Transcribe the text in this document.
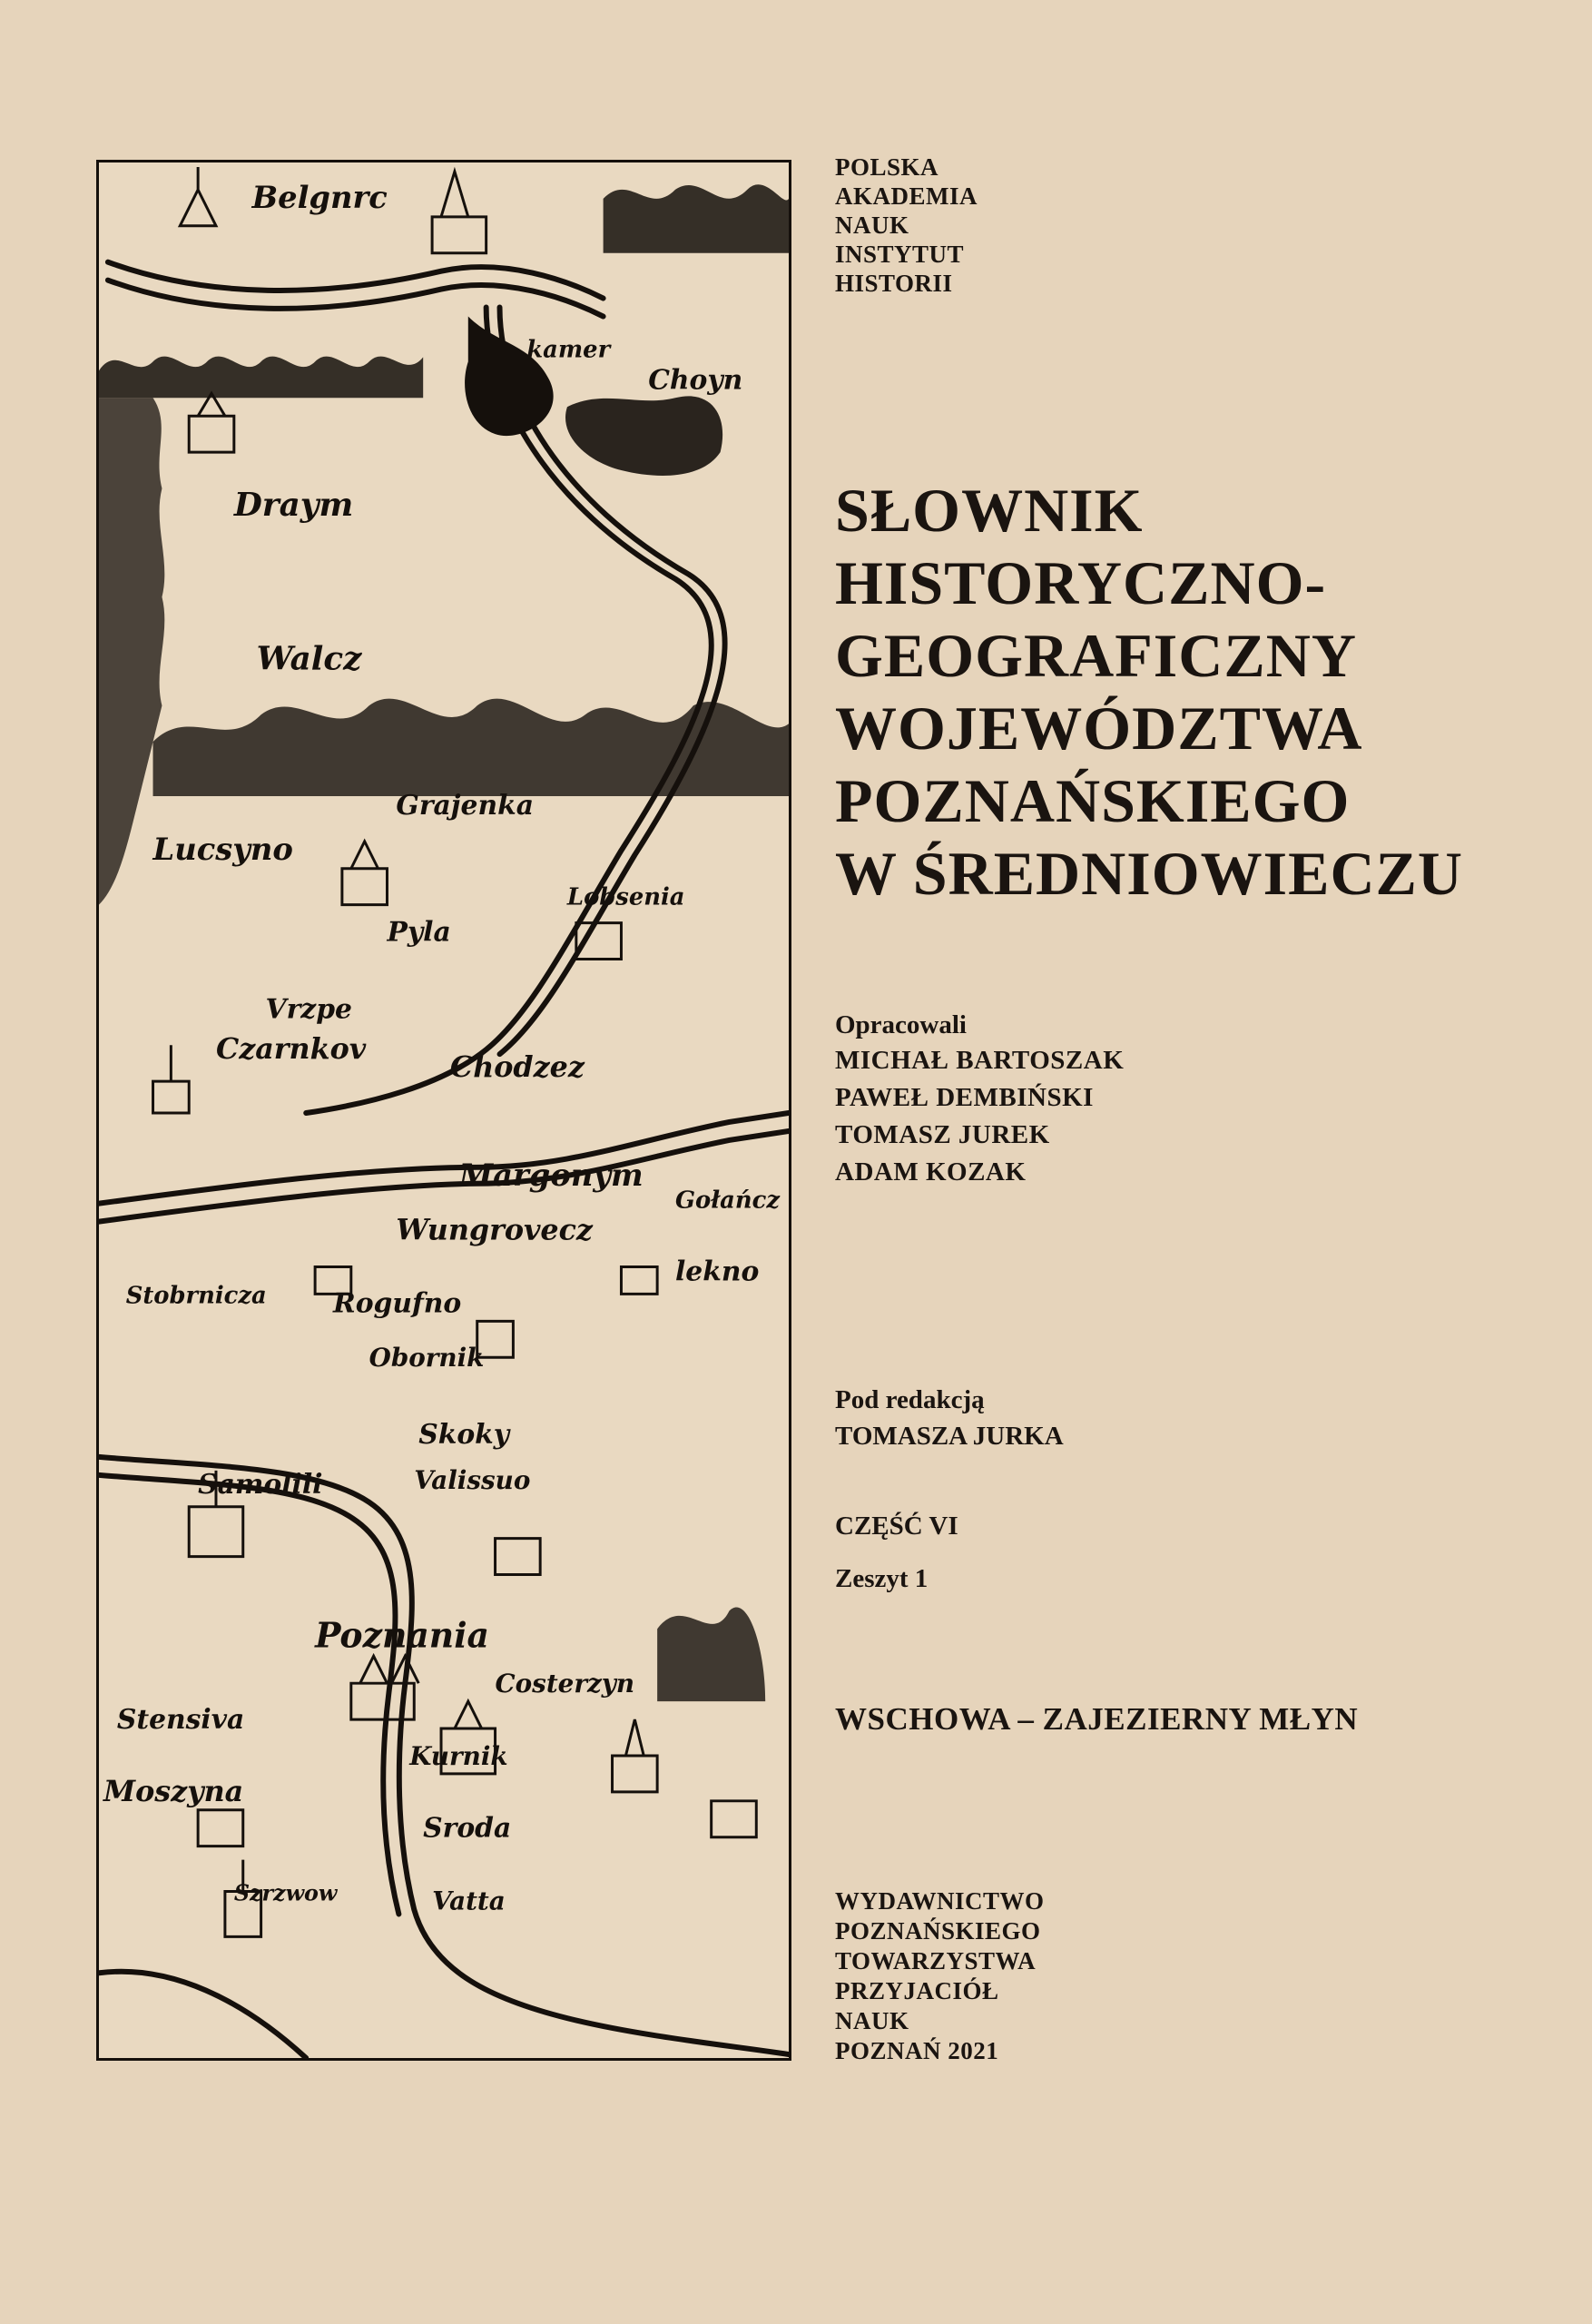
Belgnrc
kamer
Choyn
Draym
Walcz
Lucsyno
Grajenka
Pyla
Lobsenia
Vrzpe
Czarnkov
Chodzez
Margonym
Wungrovecz
Gołańcz
Rogufno
Stobrnicza
Obornik
Skoky
Samolili	Valissuo
Poznania
Costerzyn
Stensiva
Moszyna
Kurnik
Sroda
Vatta
Szrzwow
lekno
POLSKA
AKADEMIA
NAUK
INSTYTUT
HISTORII
SŁOWNIK
HISTORYCZNO-
GEOGRAFICZNY
WOJEWÓDZTWA
POZNAŃSKIEGO
W ŚREDNIOWIECZU
Opracowali
MICHAŁ BARTOSZAK
PAWEŁ DEMBIŃSKI
TOMASZ JUREK
ADAM KOZAK
Pod redakcją
TOMASZA JURKA
CZĘŚĆ VI
Zeszyt 1
WSCHOWA – ZAJEZIERNY MŁYN
WYDAWNICTWO
POZNAŃSKIEGO
TOWARZYSTWA
PRZYJACIÓŁ
NAUK
POZNAŃ 2021
